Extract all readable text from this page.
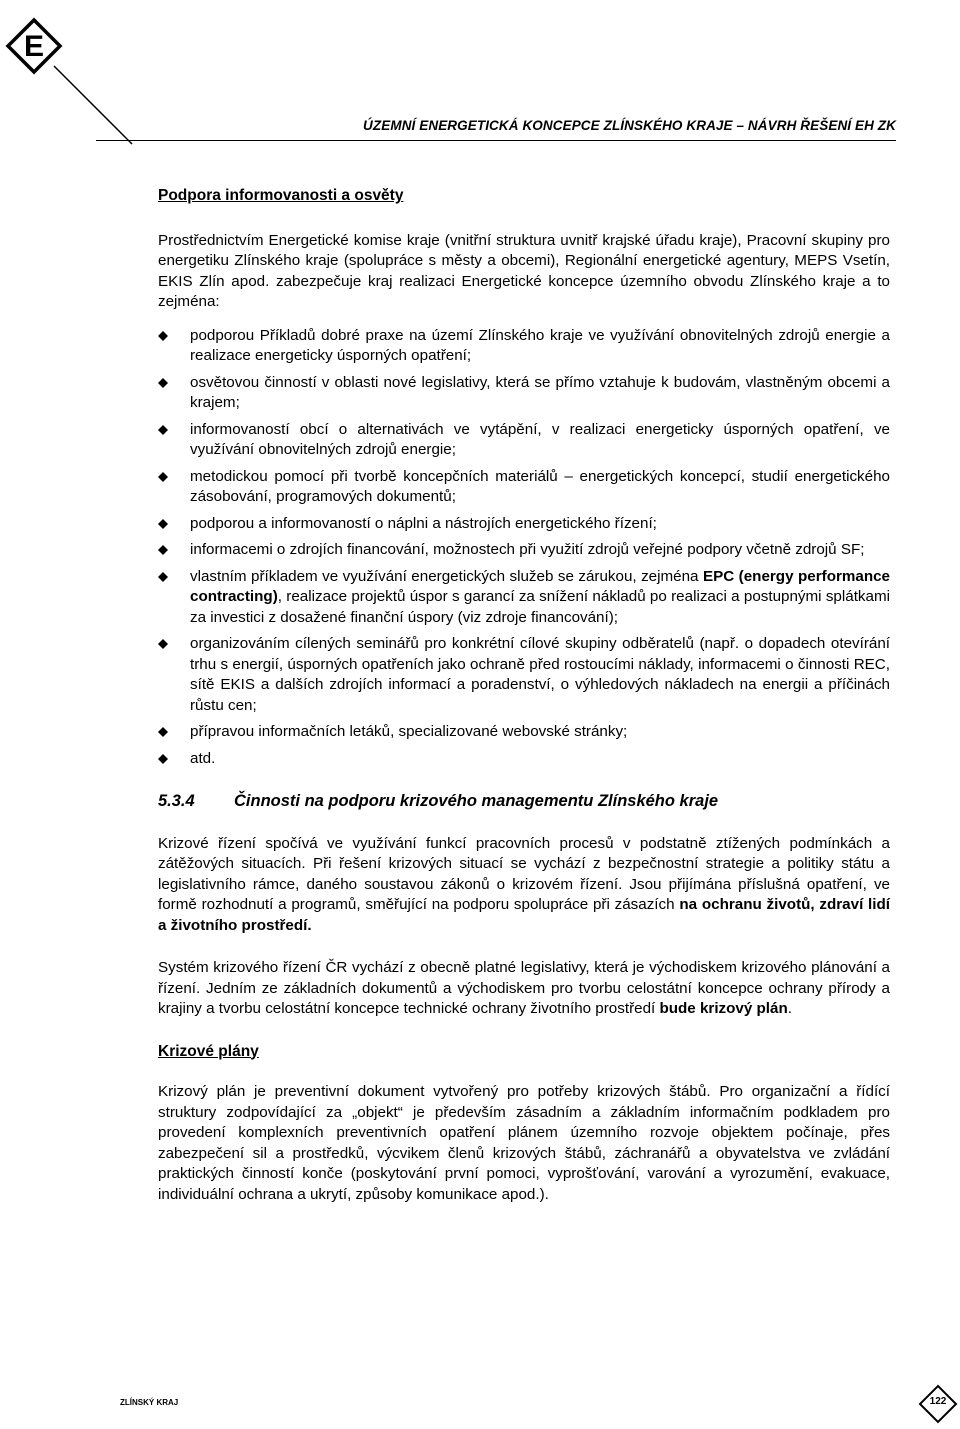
E
ÚZEMNÍ ENERGETICKÁ KONCEPCE ZLÍNSKÉHO KRAJE – NÁVRH ŘEŠENÍ EH ZK
Podpora informovanosti a osvěty

Prostřednictvím Energetické komise kraje (vnitřní struktura uvnitř krajské úřadu kraje), Pracovní skupiny pro energetiku Zlínského kraje (spolupráce s městy a obcemi), Regionální energetické agentury, MEPS Vsetín, EKIS Zlín apod. zabezpečuje kraj realizaci Energetické koncepce územního obvodu Zlínského kraje a to zejména:

podporou Příkladů dobré praxe na území Zlínského kraje ve využívání obnovitelných zdrojů energie a realizace energeticky úsporných opatření;
osvětovou činností v oblasti nové legislativy, která se přímo vztahuje k budovám, vlastněným obcemi a krajem;
informovaností obcí o alternativách ve vytápění, v realizaci energeticky úsporných opatření, ve využívání obnovitelných zdrojů energie;
metodickou pomocí při tvorbě koncepčních materiálů – energetických koncepcí, studií energetického zásobování, programových dokumentů;
podporou a informovaností o náplni a nástrojích energetického řízení;
informacemi o zdrojích financování, možnostech při využití zdrojů veřejné podpory včetně zdrojů SF;
vlastním příkladem ve využívání energetických služeb se zárukou, zejména EPC (energy performance contracting), realizace projektů úspor s garancí za snížení nákladů po realizaci a postupnými splátkami za investici z dosažené finanční úspory (viz zdroje financování);
organizováním cílených seminářů pro konkrétní cílové skupiny odběratelů (např. o dopadech otevírání trhu s energií, úsporných opatřeních jako ochraně před rostoucími náklady, informacemi o činnosti REC, sítě EKIS a dalších zdrojích informací a poradenství, o výhledových nákladech na energii a příčinách růstu cen;
přípravou informačních letáků, specializované webovské stránky;
atd.
5.3.4	Činnosti na podporu krizového managementu Zlínského kraje

Krizové řízení spočívá ve využívání funkcí pracovních procesů v podstatně ztížených podmínkách a zátěžových situacích. Při řešení krizových situací se vychází z bezpečnostní strategie a politiky státu a legislativního rámce, daného soustavou zákonů o krizovém řízení. Jsou přijímána příslušná opatření, ve formě rozhodnutí a programů, směřující na podporu spolupráce při zásazích na ochranu životů, zdraví lidí a životního prostředí.

Systém krizového řízení ČR vychází z obecně platné legislativy, která je východiskem krizového plánování a řízení. Jedním ze základních dokumentů a východiskem pro tvorbu celostátní koncepce ochrany přírody a krajiny a tvorbu celostátní koncepce technické ochrany životního prostředí bude krizový plán.

Krizové plány

Krizový plán je preventivní dokument vytvořený pro potřeby krizových štábů. Pro organizační a řídící struktury zodpovídající za „objekt“ je především zásadním a základním informačním podkladem pro provedení komplexních preventivních opatření plánem územního rozvoje objektem počínaje, přes zabezpečení sil a prostředků, výcvikem členů krizových štábů, záchranářů a obyvatelstva ve zvládání praktických činností konče (poskytování první pomoci, vyprošťování, varování a vyrozumění, evakuace, individuální ochrana a ukrytí, způsoby komunikace apod.).

ZLÍNSKÝ KRAJ	122
